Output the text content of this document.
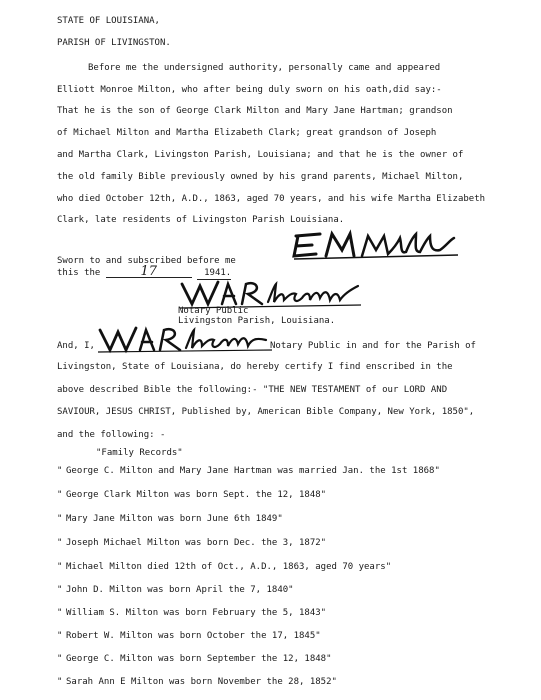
STATE OF LOUISIANA,
PARISH OF LIVINGSTON.
Before me the undersigned authority, personally came and appeared
Elliott Monroe Milton, who after being duly sworn on his oath,did say:-
That he is the son of George Clark Milton and Mary Jane Hartman; grandson
of Michael Milton and Martha Elizabeth Clark; great grandson of Joseph
and Martha Clark, Livingston Parish, Louisiana; and that he is the owner of
the old family Bible previously owned by his grand parents, Michael Milton,
who died October 12th, A.D., 1863, aged 70 years, and his wife Martha Elizabeth
Clark, late residents of Livingston Parish Louisiana.
Sworn to and subscribed before me
this the	17	1941.
Notary Public
Livingston Parish, Louisiana.
And, I,	Notary Public in and for the Parish of
Livingston, State of Louisiana, do hereby certify I find enscribed in the
above described Bible the following:- "THE NEW TESTAMENT of our LORD AND
SAVIOUR, JESUS CHRIST, Published by, American Bible Company, New York, 1850",
and the following: -
"Family Records"
" George C. Milton and Mary Jane Hartman was married Jan. the 1st 1868"
" George Clark Milton was born Sept. the 12, 1848"
" Mary Jane Milton was born June 6th 1849"
" Joseph Michael Milton was born Dec. the 3, 1872"
" Michael Milton died 12th of Oct., A.D., 1863, aged 70 years"
" John D. Milton was born April the 7, 1840"
" William S. Milton was born February the 5, 1843"
" Robert W. Milton was born October the 17, 1845"
" George C. Milton was born September the 12, 1848"
" Sarah Ann E Milton was born November the 28, 1852"
